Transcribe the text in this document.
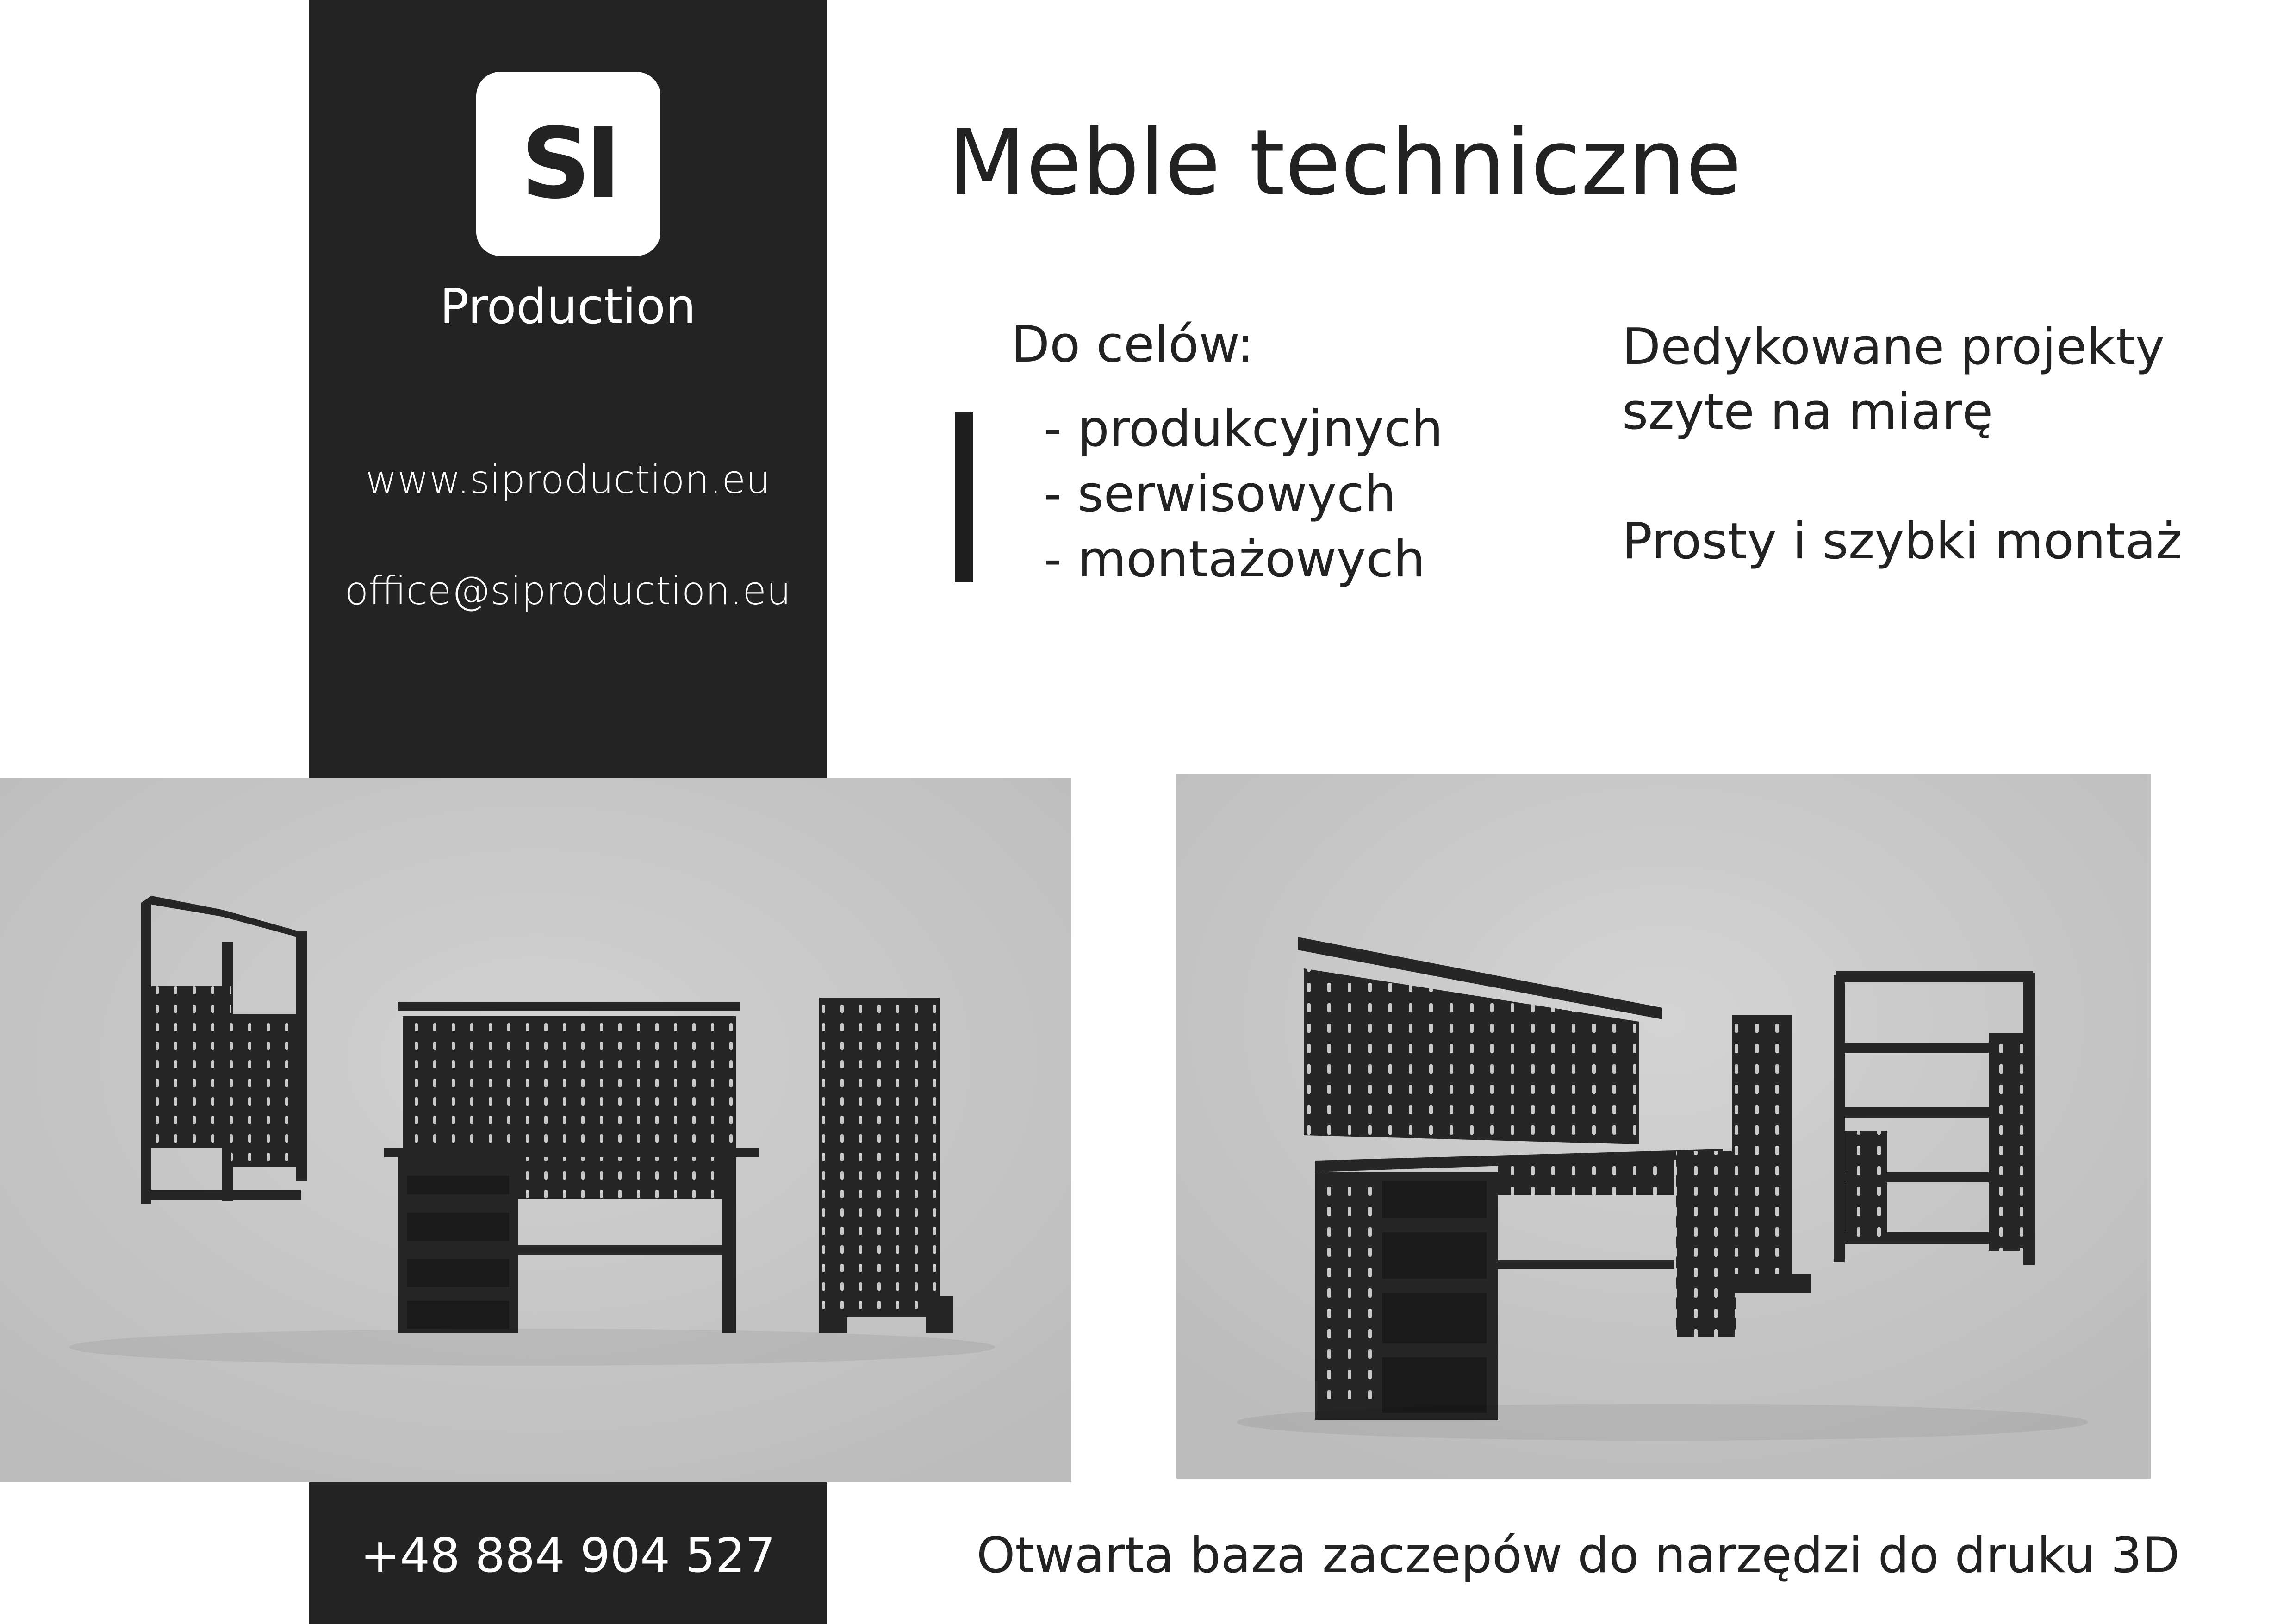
SI
Production
www.siproduction.eu
office@siproduction.eu
+48 884 904 527
Meble techniczne
Do celów:
- produkcyjnych
- serwisowych
- montażowych
Dedykowane projekty
szyte na miarę
Prosty i szybki montaż
Otwarta baza zaczepów do narzędzi do druku 3D
